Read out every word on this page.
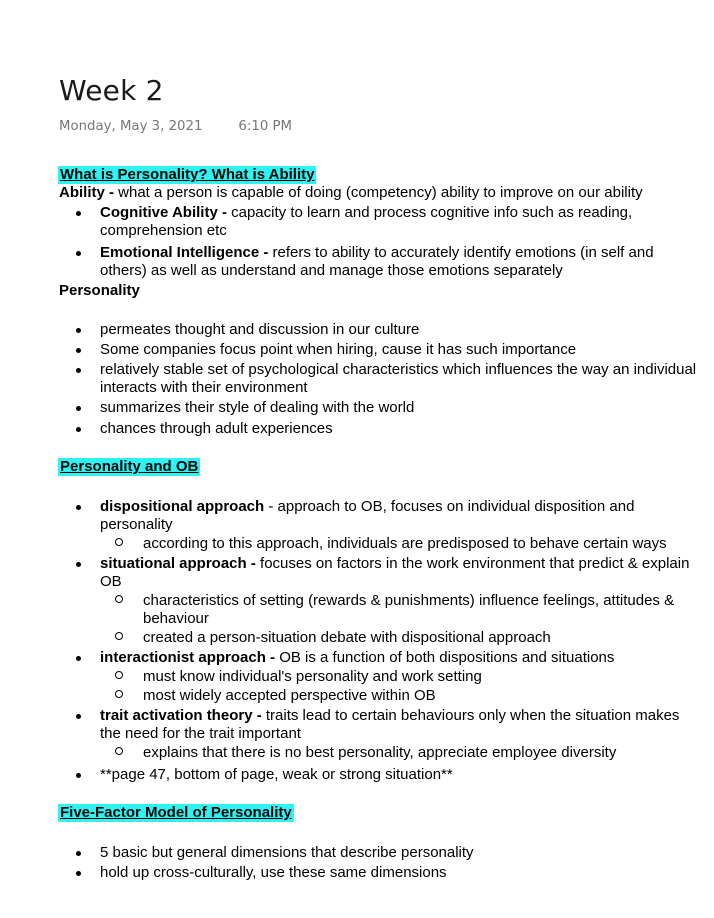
Week 2
Monday, May 3, 2021	6:10 PM
What is Personality? What is Ability
Ability - what a person is capable of doing (competency) ability to improve on our ability
Cognitive Ability - capacity to learn and process cognitive info such as reading, comprehension etc
Emotional Intelligence - refers to ability to accurately identify emotions (in self and others) as well as understand and manage those emotions separately
Personality
permeates thought and discussion in our culture
Some companies focus point when hiring, cause it has such importance
relatively stable set of psychological characteristics which influences the way an individual interacts with their environment
summarizes their style of dealing with the world
chances through adult experiences
Personality and OB
dispositional approach - approach to OB, focuses on individual disposition and personality
according to this approach, individuals are predisposed to behave certain ways
situational approach - focuses on factors in the work environment that predict & explain OB
characteristics of setting (rewards & punishments) influence feelings, attitudes & behaviour
created a person-situation debate with dispositional approach
interactionist approach - OB is a function of both dispositions and situations
must know individual's personality and work setting
most widely accepted perspective within OB
trait activation theory - traits lead to certain behaviours only when the situation makes the need for the trait important
explains that there is no best personality, appreciate employee diversity
**page 47, bottom of page, weak or strong situation**
Five-Factor Model of Personality
5 basic but general dimensions that describe personality
hold up cross-culturally, use these same dimensions
